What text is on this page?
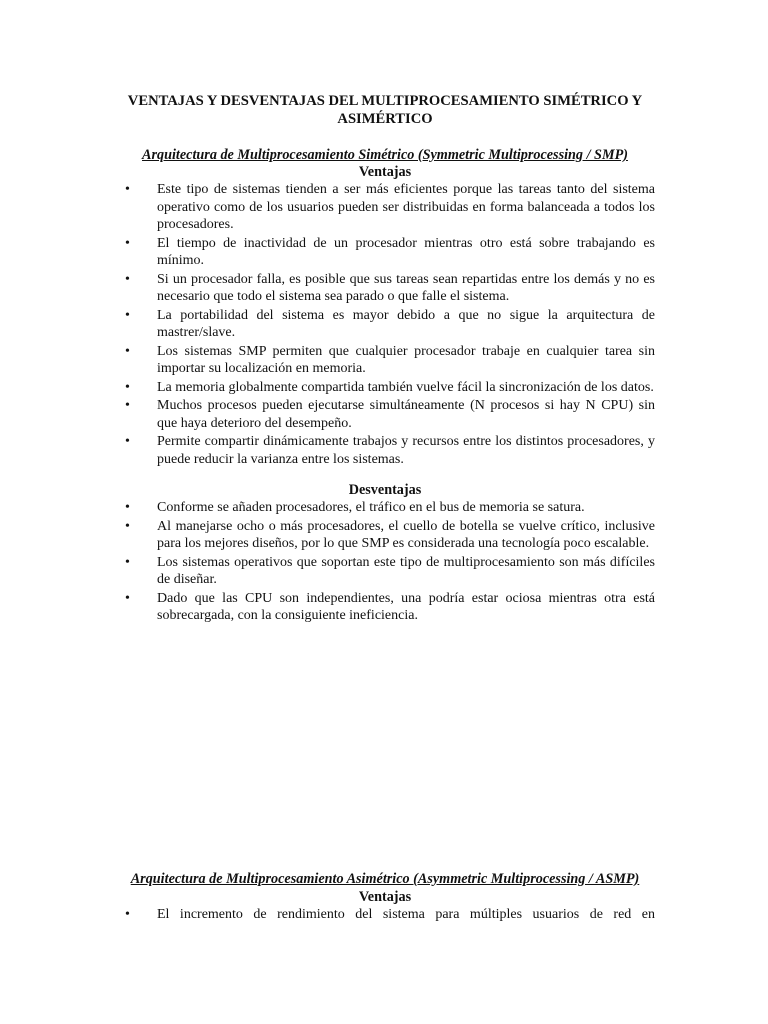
VENTAJAS Y DESVENTAJAS DEL MULTIPROCESAMIENTO SIMÉTRICO Y ASIMÉRTICO
Arquitectura de Multiprocesamiento Simétrico (Symmetric Multiprocessing / SMP)
Ventajas
• Este tipo de sistemas tienden a ser más eficientes porque las tareas tanto del sistema operativo como de los usuarios pueden ser distribuidas en forma balanceada a todos los procesadores.
• El tiempo de inactividad de un procesador mientras otro está sobre trabajando es mínimo.
• Si un procesador falla, es posible que sus tareas sean repartidas entre los demás y no es necesario que todo el sistema sea parado o que falle el sistema.
• La portabilidad del sistema es mayor debido a que no sigue la arquitectura de mastrer/slave.
• Los sistemas SMP permiten que cualquier procesador trabaje en cualquier tarea sin importar su localización en memoria.
• La memoria globalmente compartida también vuelve fácil la sincronización de los datos.
• Muchos procesos pueden ejecutarse simultáneamente (N procesos si hay N CPU) sin que haya deterioro del desempeño.
• Permite compartir dinámicamente trabajos y recursos entre los distintos procesadores, y puede reducir la varianza entre los sistemas.
Desventajas
• Conforme se añaden procesadores, el tráfico en el bus de memoria se satura.
• Al manejarse ocho o más procesadores, el cuello de botella se vuelve crítico, inclusive para los mejores diseños, por lo que SMP es considerada una tecnología poco escalable.
• Los sistemas operativos que soportan este tipo de multiprocesamiento son más difíciles de diseñar.
• Dado que las CPU son independientes, una podría estar ociosa mientras otra está sobrecargada, con la consiguiente ineficiencia.
Arquitectura de Multiprocesamiento Asimétrico (Asymmetric Multiprocessing / ASMP)
Ventajas
• El incremento de rendimiento del sistema para múltiples usuarios de red en
